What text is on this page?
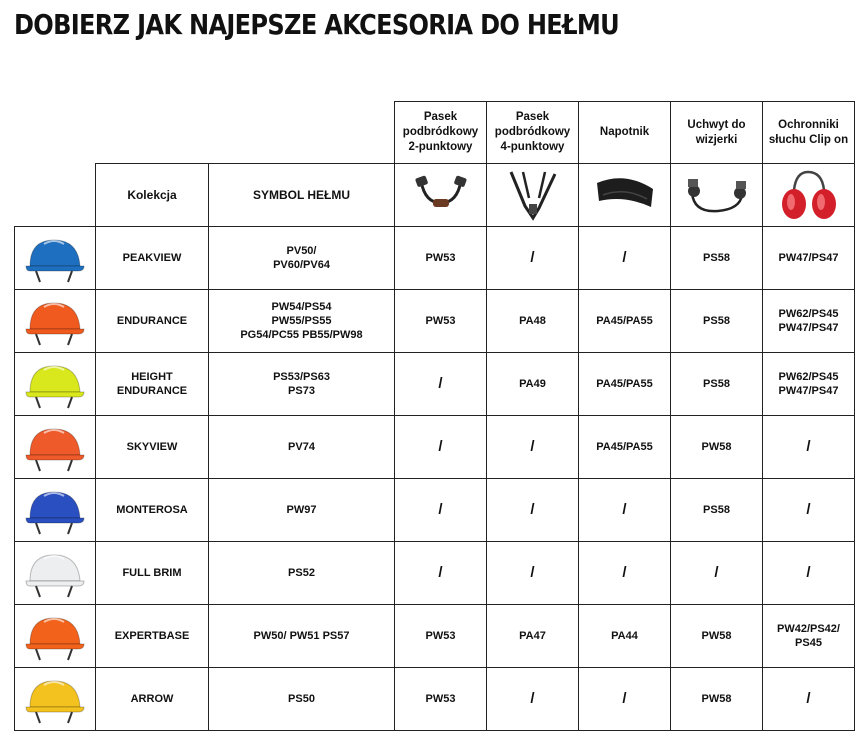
DOBIERZ JAK NAJEPSZE AKCESORIA DO HEŁMU

			Pasek
podbródkowy
2-punktowy	Pasek
podbródkowy
4-punktowy	Napotnik	Uchwyt do
wizjerki	Ochronniki
słuchu Clip on

	Kolekcja	SYMBOL HEŁMU	

PEAKVIEW	PV50/
PV60/PV64	PW53	/	/	PS58	PW47/PS47

ENDURANCE	PW54/PS54
PW55/PS55
PG54/PC55 PB55/PW98	PW53	PA48	PA45/PA55	PS58	PW62/PS45
PW47/PS47

HEIGHT
ENDURANCE	PS53/PS63
PS73	/	PA49	PA45/PA55	PS58	PW62/PS45
PW47/PS47

SKYVIEW	PV74	/	/	PA45/PA55	PW58	/

MONTEROSA	PW97	/	/	/	PS58	/

FULL BRIM	PS52	/	/	/	/	/

EXPERTBASE	PW50/ PW51 PS57	PW53	PA47	PA44	PW58	PW42/PS42/
PS45

ARROW	PS50	PW53	/	/	PW58	/
